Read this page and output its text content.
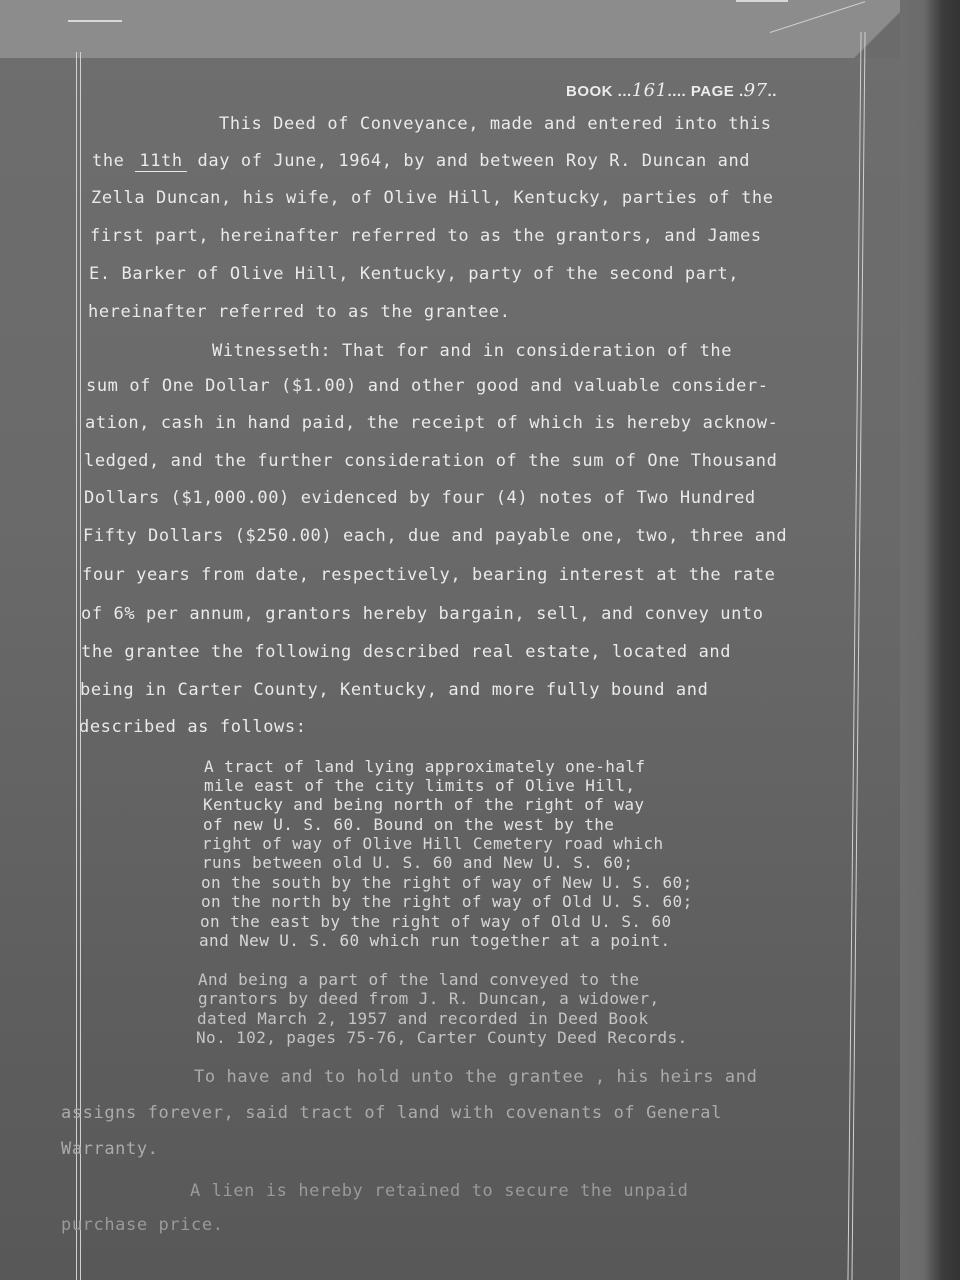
BOOK ...161.... PAGE .97..
This Deed of Conveyance, made and entered into this
the 11th day of June, 1964, by and between Roy R. Duncan and
Zella Duncan, his wife, of Olive Hill, Kentucky, parties of the
first part, hereinafter referred to as the grantors, and James
E. Barker of Olive Hill, Kentucky, party of the second part,
hereinafter referred to as the grantee.
Witnesseth: That for and in consideration of the
sum of One Dollar ($1.00) and other good and valuable consider-
ation, cash in hand paid, the receipt of which is hereby acknow-
ledged, and the further consideration of the sum of One Thousand
Dollars ($1,000.00) evidenced by four (4) notes of Two Hundred
Fifty Dollars ($250.00) each, due and payable one, two, three and
four years from date, respectively, bearing interest at the rate
of 6% per annum, grantors hereby bargain, sell, and convey unto
the grantee the following described real estate, located and
being in Carter County, Kentucky, and more fully bound and
described as follows:
A tract of land lying approximately one-half
mile east of the city limits of Olive Hill,
Kentucky and being north of the right of way
of new U. S. 60. Bound on the west by the
right of way of Olive Hill Cemetery road which
runs between old U. S. 60 and New U. S. 60;
on the south by the right of way of New U. S. 60;
on the north by the right of way of Old U. S. 60;
on the east by the right of way of Old U. S. 60
and New U. S. 60 which run together at a point.
And being a part of the land conveyed to the
grantors by deed from J. R. Duncan, a widower,
dated March 2, 1957 and recorded in Deed Book
No. 102, pages 75-76, Carter County Deed Records.
To have and to hold unto the grantee , his heirs and
assigns forever, said tract of land with covenants of General
Warranty.
A lien is hereby retained to secure the unpaid
purchase price.
